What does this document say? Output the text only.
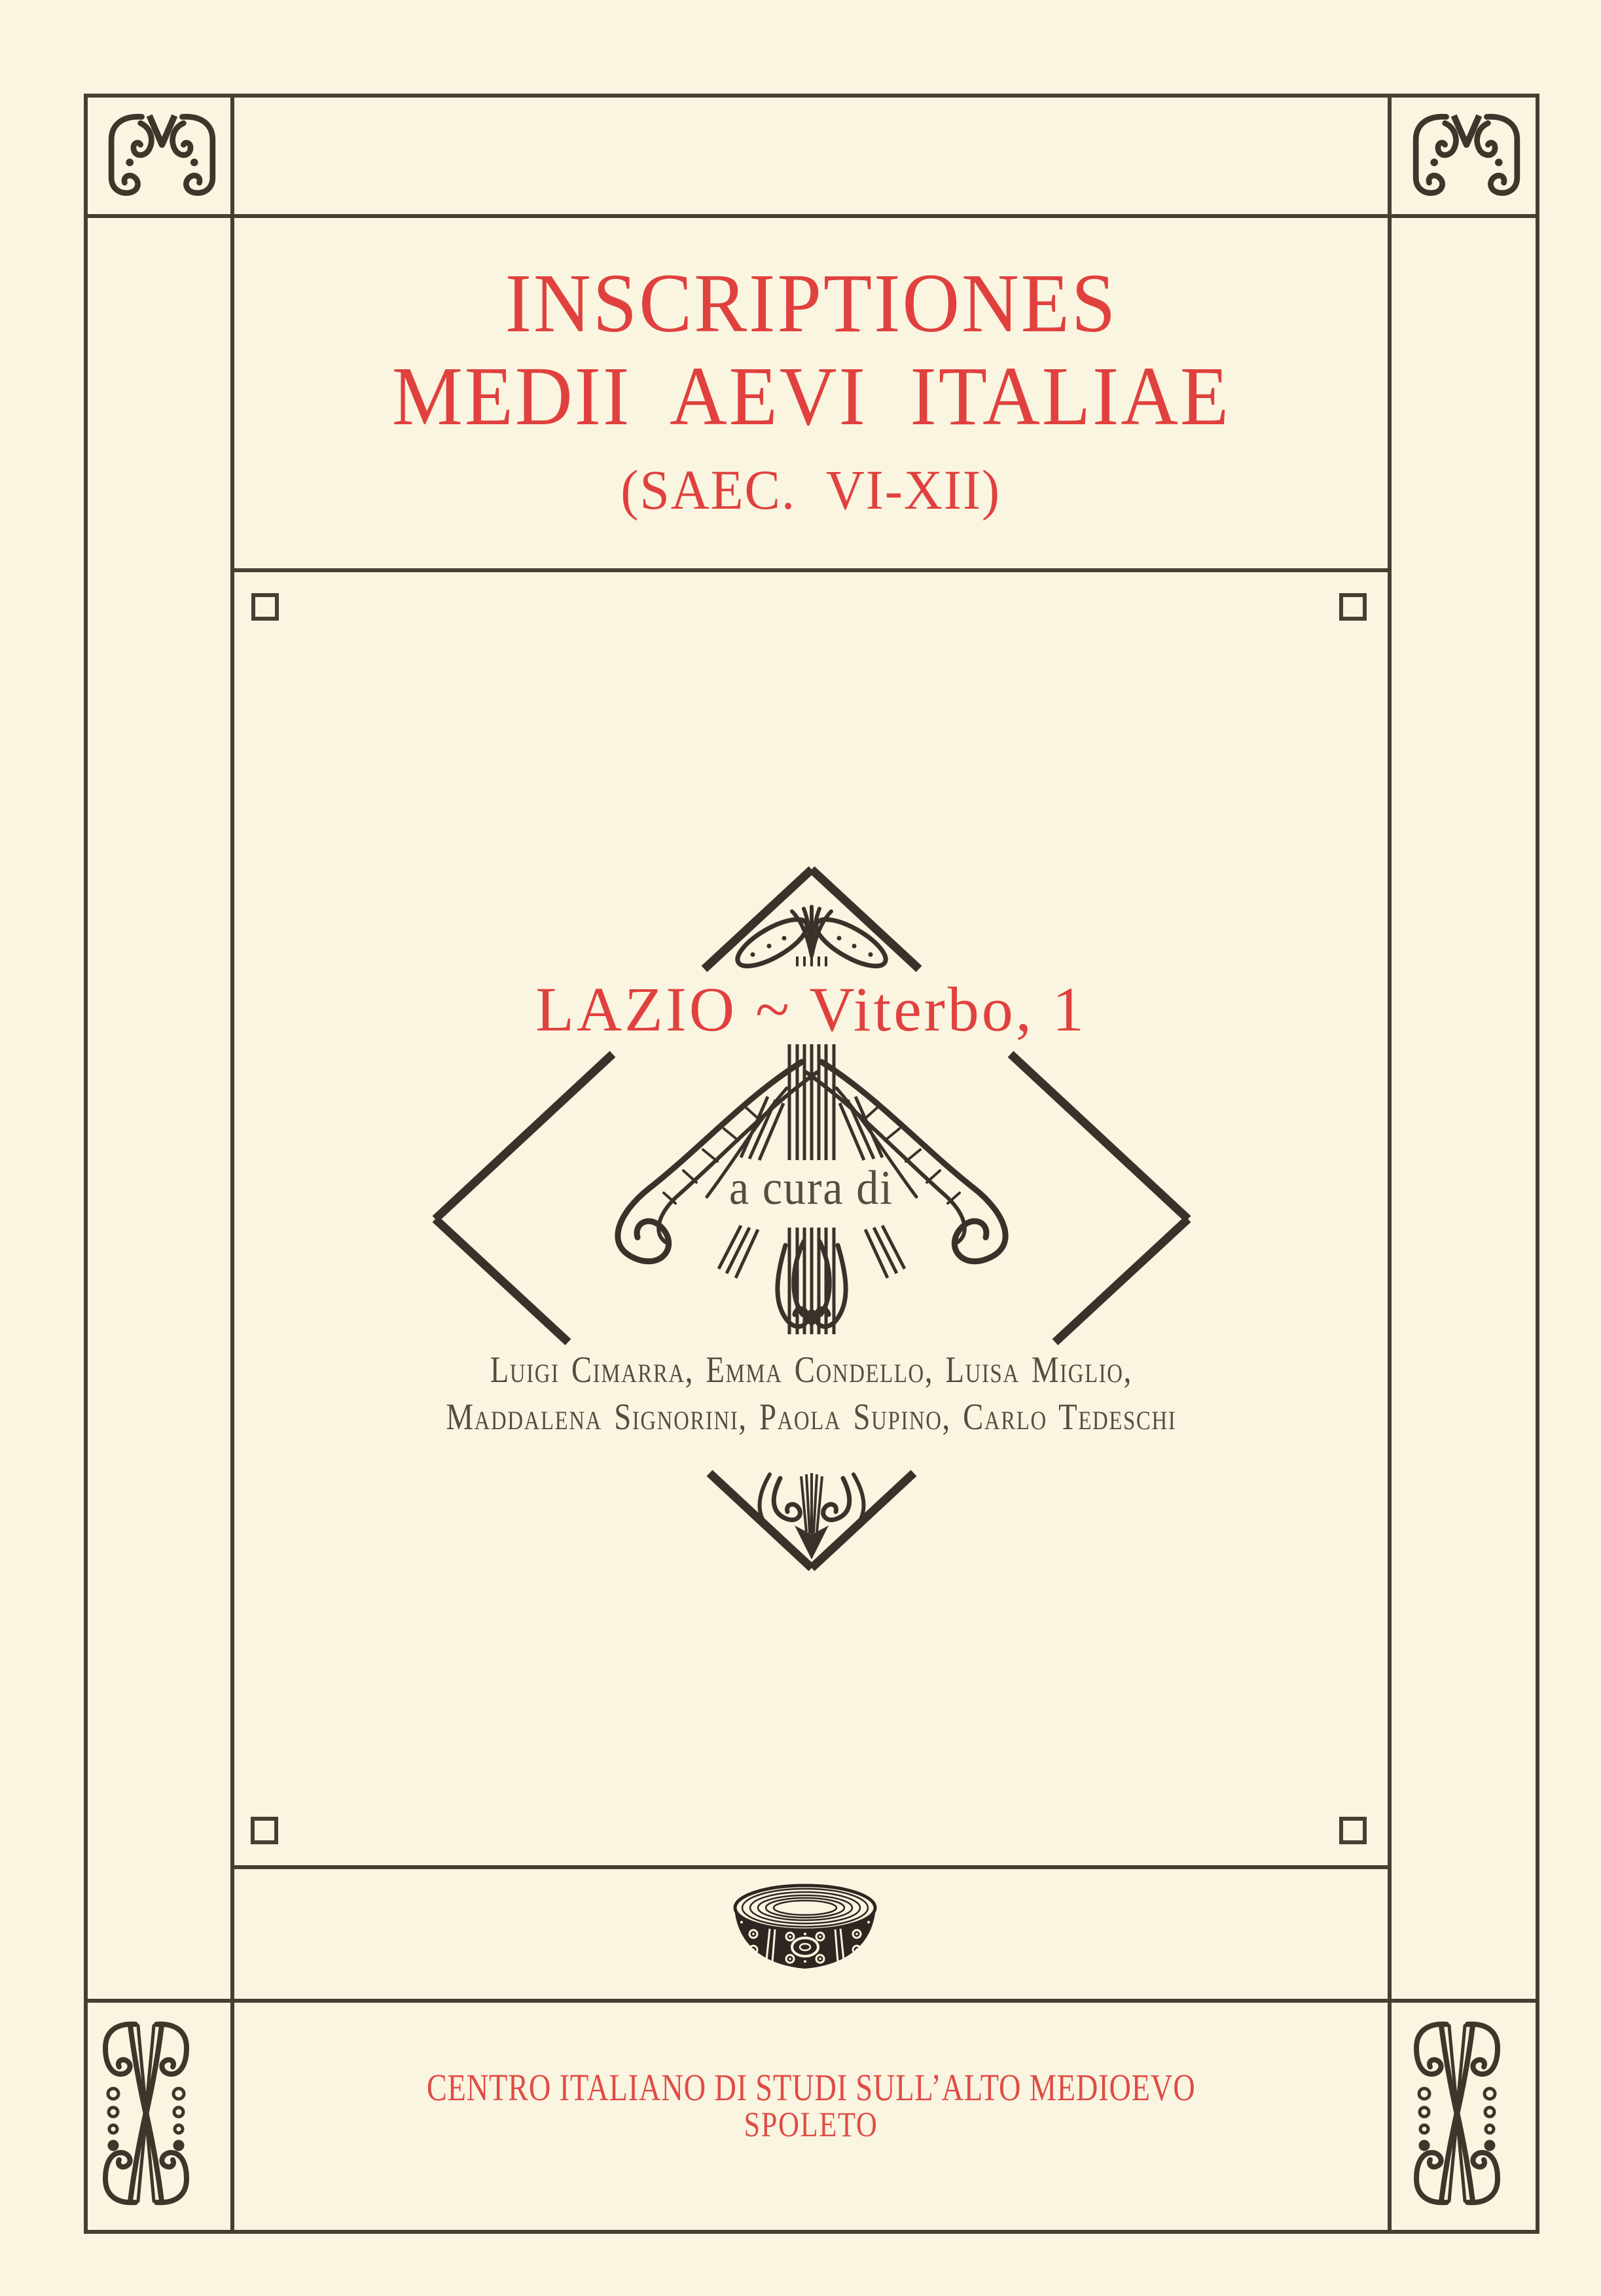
INSCRIPTIONES
MEDII AEVI ITALIAE
(SAEC. VI-XII)
LAZIO ~ Viterbo, 1
a cura di
Luigi Cimarra, Emma Condello, Luisa Miglio,
Maddalena Signorini, Paola Supino, Carlo Tedeschi
CENTRO ITALIANO DI STUDI SULL’ALTO MEDIOEVO
SPOLETO
